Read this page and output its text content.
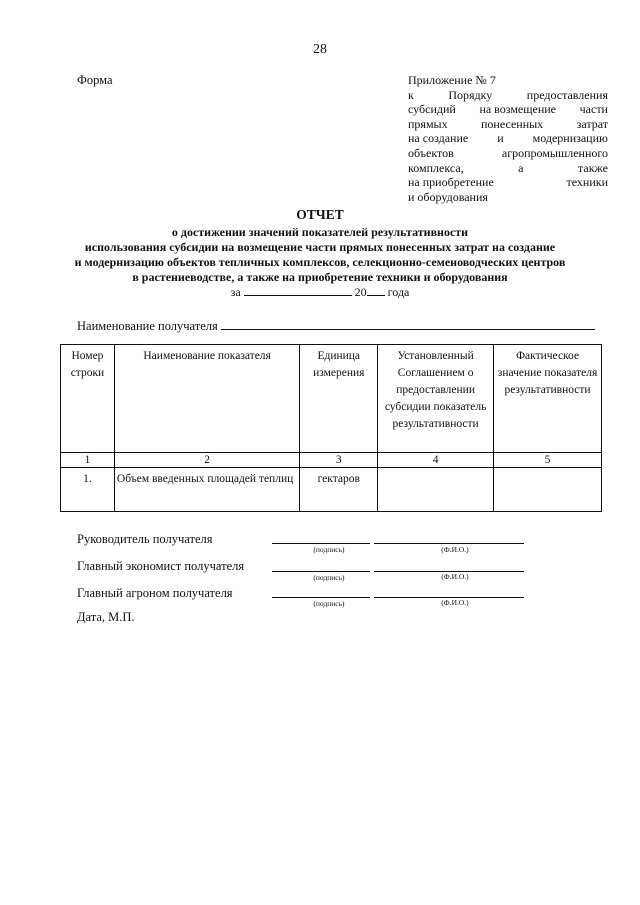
28
Форма	Приложение № 7
к	Порядку	предоставления
субсидий на возмещение части
прямых	понесенных	затрат
на создание и модернизацию
объектов	агропромышленного
комплекса,	а	также
на приобретение	техники
и оборудования
ОТЧЕТ
о достижении значений показателей результативности
использования субсидии на возмещение части прямых понесенных затрат на создание
и модернизацию объектов тепличных комплексов, селекционно-семеноводческих центров
в растениеводстве, а также на приобретение техники и оборудования
за	20 года
Наименование получателя
Номер строки	Наименование показателя	Единица измерения	Установленный Соглашением о предоставлении субсидии показатель результативности	Фактическое значение показателя результативности
1	2	3	4	5
1.	Объем введенных площадей теплиц	гектаров		
Руководитель получателя
(подпись)	(Ф.И.О.)
Главный экономист получателя
(подпись)	(Ф.И.О.)
Главный агроном получателя
(подпись)	(Ф.И.О.)
Дата, М.П.
